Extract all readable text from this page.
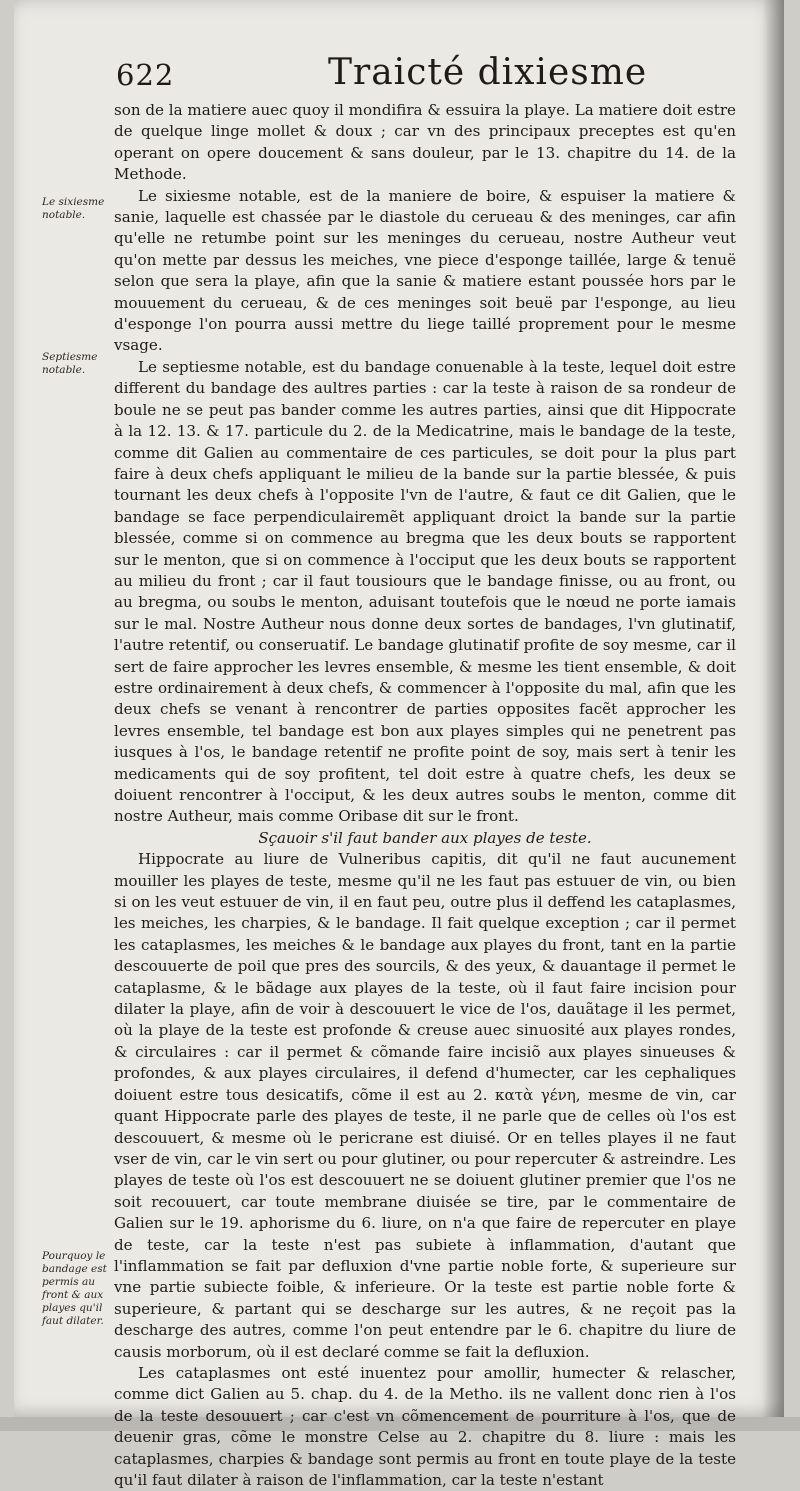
622	Traicté dixiesme
Le sixiesme notable.
Septiesme notable.
Pourquoy le bandage est permis au front & aux playes qu'il faut dilater.

son de la matiere auec quoy il mondifira & essuira la playe. La matiere doit estre de quelque linge mollet & doux ; car vn des principaux preceptes est qu'en operant on opere doucement & sans douleur, par le 13. chapitre du 14. de la Methode.

Le sixiesme notable, est de la maniere de boire, & espuiser la matiere & sanie, laquelle est chassée par le diastole du cerueau & des meninges, car afin qu'elle ne retumbe point sur les meninges du cerueau, nostre Autheur veut qu'on mette par dessus les meiches, vne piece d'esponge taillée, large & tenuë selon que sera la playe, afin que la sanie & matiere estant poussée hors par le mouuement du cerueau, & de ces meninges soit beuë par l'esponge, au lieu d'esponge l'on pourra aussi mettre du liege taillé proprement pour le mesme vsage.

Le septiesme notable, est du bandage conuenable à la teste, lequel doit estre different du bandage des aultres parties : car la teste à raison de sa rondeur de boule ne se peut pas bander comme les autres parties, ainsi que dit Hippocrate à la 12. 13. & 17. particule du 2. de la Medicatrine, mais le bandage de la teste, comme dit Galien au commentaire de ces particules, se doit pour la plus part faire à deux chefs appliquant le milieu de la bande sur la partie blessée, & puis tournant les deux chefs à l'opposite l'vn de l'autre, & faut ce dit Galien, que le bandage se face perpendiculairemẽt appliquant droict la bande sur la partie blessée, comme si on commence au bregma que les deux bouts se rapportent sur le menton, que si on commence à l'occiput que les deux bouts se rapportent au milieu du front ; car il faut tousiours que le bandage finisse, ou au front, ou au bregma, ou soubs le menton, aduisant toutefois que le nœud ne porte iamais sur le mal. Nostre Autheur nous donne deux sortes de bandages, l'vn glutinatif, l'autre retentif, ou conseruatif. Le bandage glutinatif profite de soy mesme, car il sert de faire approcher les levres ensemble, & mesme les tient ensemble, & doit estre ordinairement à deux chefs, & commencer à l'opposite du mal, afin que les deux chefs se venant à rencontrer de parties opposites facẽt approcher les levres ensemble, tel bandage est bon aux playes simples qui ne penetrent pas iusques à l'os, le bandage retentif ne profite point de soy, mais sert à tenir les medicaments qui de soy profitent, tel doit estre à quatre chefs, les deux se doiuent rencontrer à l'occiput, & les deux autres soubs le menton, comme dit nostre Autheur, mais comme Oribase dit sur le front.

Sçauoir s'il faut bander aux playes de teste.

Hippocrate au liure de Vulneribus capitis, dit qu'il ne faut aucunement mouiller les playes de teste, mesme qu'il ne les faut pas estuuer de vin, ou bien si on les veut estuuer de vin, il en faut peu, outre plus il deffend les cataplasmes, les meiches, les charpies, & le bandage. Il fait quelque exception ; car il permet les cataplasmes, les meiches & le bandage aux playes du front, tant en la partie descouuerte de poil que pres des sourcils, & des yeux, & dauantage il permet le cataplasme, & le bãdage aux playes de la teste, où il faut faire incision pour dilater la playe, afin de voir à descouuert le vice de l'os, dauãtage il les permet, où la playe de la teste est profonde & creuse auec sinuosité aux playes rondes, & circulaires : car il permet & cõmande faire incisiõ aux playes sinueuses & profondes, & aux playes circulaires, il defend d'humecter, car les cephaliques doiuent estre tous desicatifs, cõme il est au 2. κατὰ γένη, mesme de vin, car quant Hippocrate parle des playes de teste, il ne parle que de celles où l'os est descouuert, & mesme où le pericrane est diuisé. Or en telles playes il ne faut vser de vin, car le vin sert ou pour glutiner, ou pour repercuter & astreindre. Les playes de teste où l'os est descouuert ne se doiuent glutiner premier que l'os ne soit recouuert, car toute membrane diuisée se tire, par le commentaire de Galien sur le 19. aphorisme du 6. liure, on n'a que faire de repercuter en playe de teste, car la teste n'est pas subiete à inflammation, d'autant que l'inflammation se fait par defluxion d'vne partie noble forte, & superieure sur vne partie subiecte foible, & inferieure. Or la teste est partie noble forte & superieure, & partant qui se descharge sur les autres, & ne reçoit pas la descharge des autres, comme l'on peut entendre par le 6. chapitre du liure de causis morborum, où il est declaré comme se fait la defluxion.

Les cataplasmes ont esté inuentez pour amollir, humecter & relascher, comme dict Galien au 5. chap. du 4. de la Metho. ils ne vallent donc rien à l'os de la teste desouuert ; car c'est vn cõmencement de pourriture à l'os, que de deuenir gras, cõme le monstre Celse au 2. chapitre du 8. liure : mais les cataplasmes, charpies & bandage sont permis au front en toute playe de la teste qu'il faut dilater à raison de l'inflammation, car la teste n'estant
